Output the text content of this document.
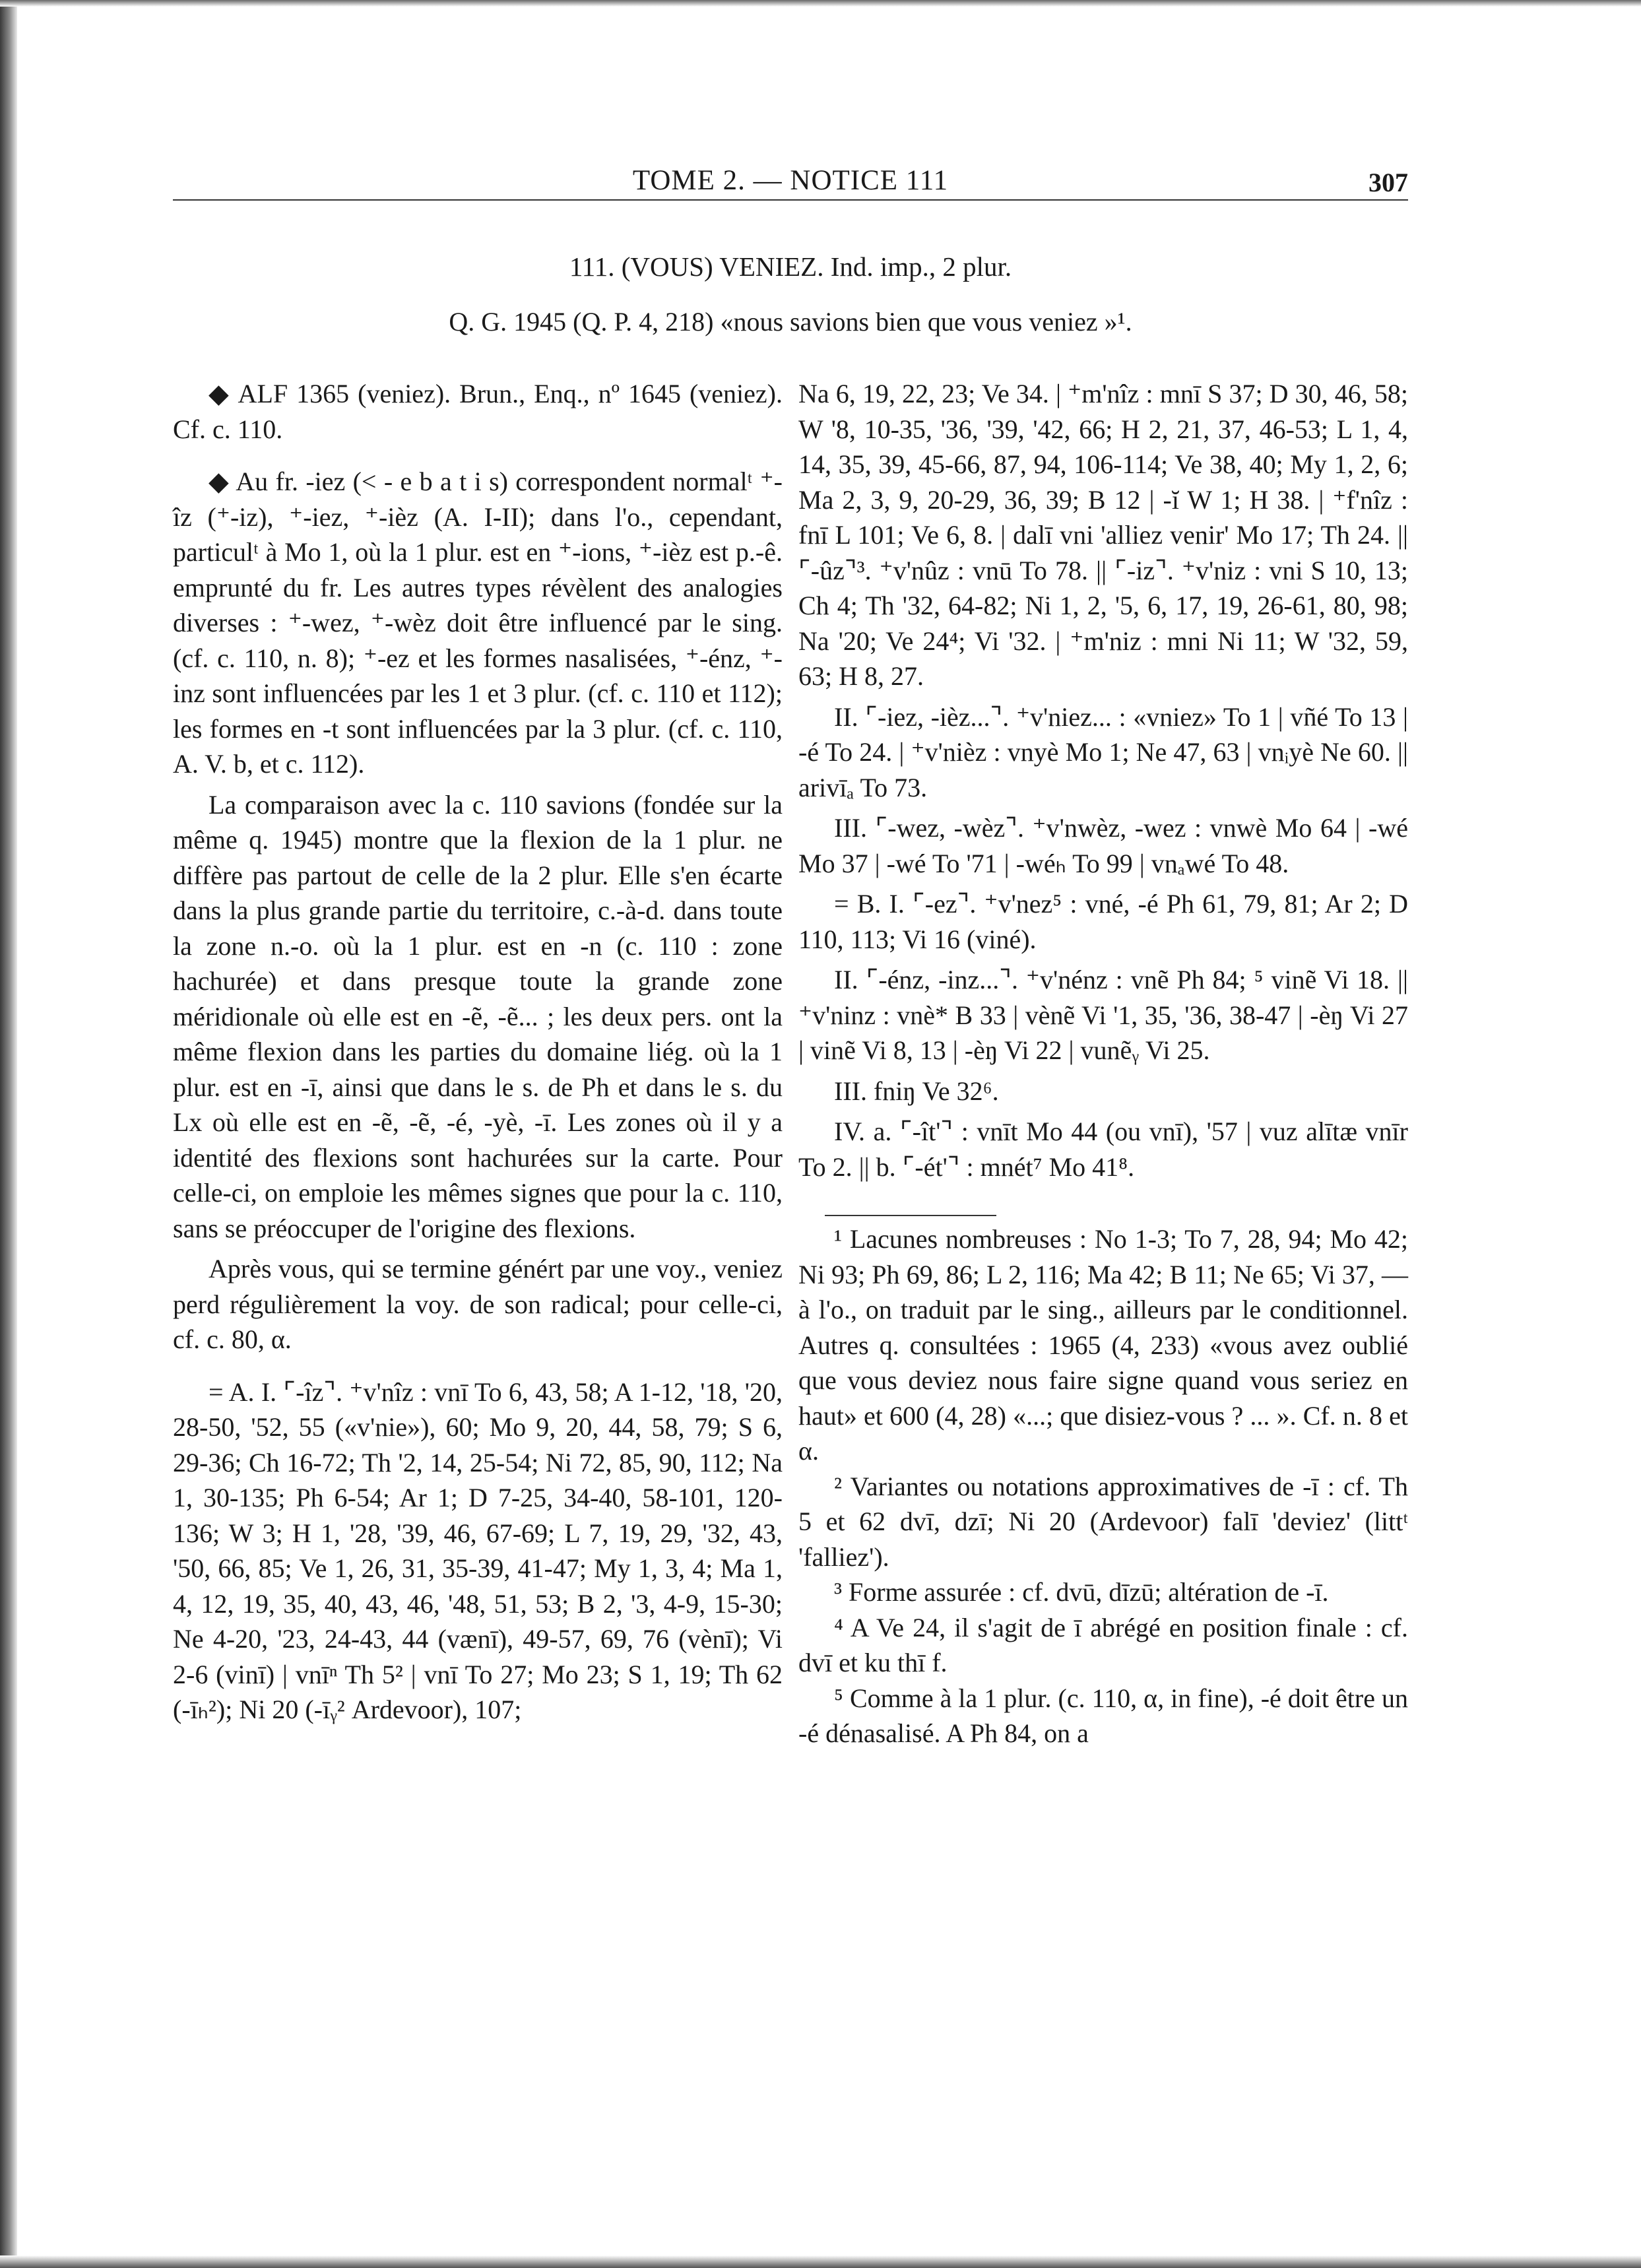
TOME 2. — NOTICE 111	307
111. (VOUS) VENIEZ. Ind. imp., 2 plur.
Q. G. 1945 (Q. P. 4, 218) «nous savions bien que vous veniez »¹.

◆ ALF 1365 (veniez). Brun., Enq., nº 1645 (veniez). Cf. c. 110.

◆ Au fr. -iez (< - e b a t i s) correspondent normalᵗ ⁺-îz (⁺-iz), ⁺-iez, ⁺-ièz (A. I-II); dans l'o., cependant, particulᵗ à Mo 1, où la 1 plur. est en ⁺-ions, ⁺-ièz est p.-ê. emprunté du fr. Les autres types révèlent des analogies diverses : ⁺-wez, ⁺-wèz doit être influencé par le sing. (cf. c. 110, n. 8); ⁺-ez et les formes nasalisées, ⁺-énz, ⁺-inz sont influencées par les 1 et 3 plur. (cf. c. 110 et 112); les formes en -t sont influencées par la 3 plur. (cf. c. 110, A. V. b, et c. 112).

La comparaison avec la c. 110 savions (fondée sur la même q. 1945) montre que la flexion de la 1 plur. ne diffère pas partout de celle de la 2 plur. Elle s'en écarte dans la plus grande partie du territoire, c.-à-d. dans toute la zone n.-o. où la 1 plur. est en -n (c. 110 : zone hachurée) et dans presque toute la grande zone méridionale où elle est en -ẽ, -ẽ... ; les deux pers. ont la même flexion dans les parties du domaine liég. où la 1 plur. est en -ī, ainsi que dans le s. de Ph et dans le s. du Lx où elle est en -ẽ, -ẽ, -é, -yè, -ī. Les zones où il y a identité des flexions sont hachurées sur la carte. Pour celle-ci, on emploie les mêmes signes que pour la c. 110, sans se préoccuper de l'origine des flexions.

Après vous, qui se termine génért par une voy., veniez perd régulièrement la voy. de son radical; pour celle-ci, cf. c. 80, α.

= A. I. ⌜-îz⌝. ⁺v'nîz : vnī To 6, 43, 58; A 1-12, '18, '20, 28-50, '52, 55 («v'nie»), 60; Mo 9, 20, 44, 58, 79; S 6, 29-36; Ch 16-72; Th '2, 14, 25-54; Ni 72, 85, 90, 112; Na 1, 30-135; Ph 6-54; Ar 1; D 7-25, 34-40, 58-101, 120-136; W 3; H 1, '28, '39, 46, 67-69; L 7, 19, 29, '32, 43, '50, 66, 85; Ve 1, 26, 31, 35-39, 41-47; My 1, 3, 4; Ma 1, 4, 12, 19, 35, 40, 43, 46, '48, 51, 53; B 2, '3, 4-9, 15-30; Ne 4-20, '23, 24-43, 44 (vænī), 49-57, 69, 76 (vènī); Vi 2-6 (vinī) | vnīⁿ Th 5² | vnī To 27; Mo 23; S 1, 19; Th 62 (-īₕ²); Ni 20 (-īᵧ² Ardevoor), 107;

Na 6, 19, 22, 23; Ve 34. | ⁺m'nîz : mnī S 37; D 30, 46, 58; W '8, 10-35, '36, '39, '42, 66; H 2, 21, 37, 46-53; L 1, 4, 14, 35, 39, 45-66, 87, 94, 106-114; Ve 38, 40; My 1, 2, 6; Ma 2, 3, 9, 20-29, 36, 39; B 12 | -ĭ W 1; H 38. | ⁺f'nîz : fnī L 101; Ve 6, 8. | dalī vni 'alliez venir' Mo 17; Th 24. || ⌜-ûz⌝³. ⁺v'nûz : vnū To 78. || ⌜-iz⌝. ⁺v'niz : vni S 10, 13; Ch 4; Th '32, 64-82; Ni 1, 2, '5, 6, 17, 19, 26-61, 80, 98; Na '20; Ve 24⁴; Vi '32. | ⁺m'niz : mni Ni 11; W '32, 59, 63; H 8, 27.

II. ⌜-iez, -ièz...⌝. ⁺v'niez... : «vniez» To 1 | vñé To 13 | -é To 24. | ⁺v'nièz : vnyè Mo 1; Ne 47, 63 | vnᵢyè Ne 60. || arivīₐ To 73.

III. ⌜-wez, -wèz⌝. ⁺v'nwèz, -wez : vnwè Mo 64 | -wé Mo 37 | -wé To '71 | -wéₕ To 99 | vnₐwé To 48.

= B. I. ⌜-ez⌝. ⁺v'nez⁵ : vné, -é Ph 61, 79, 81; Ar 2; D 110, 113; Vi 16 (viné).

II. ⌜-énz, -inz...⌝. ⁺v'nénz : vnẽ Ph 84; ⁵ vinẽ Vi 18. || ⁺v'ninz : vnè* B 33 | vènẽ Vi '1, 35, '36, 38-47 | -èŋ Vi 27 | vinẽ Vi 8, 13 | -èŋ Vi 22 | vunẽᵧ Vi 25.

III. fniŋ Ve 32⁶.

IV. a. ⌜-ît'⌝ : vnīt Mo 44 (ou vnī), '57 | vuz alītæ vnīr To 2. || b. ⌜-ét'⌝ : mnét⁷ Mo 41⁸.

¹ Lacunes nombreuses : No 1-3; To 7, 28, 94; Mo 42; Ni 93; Ph 69, 86; L 2, 116; Ma 42; B 11; Ne 65; Vi 37, — à l'o., on traduit par le sing., ailleurs par le conditionnel. Autres q. consultées : 1965 (4, 233) «vous avez oublié que vous deviez nous faire signe quand vous seriez en haut» et 600 (4, 28) «...; que disiez-vous ? ... ». Cf. n. 8 et α.

² Variantes ou notations approximatives de -ī : cf. Th 5 et 62 dvī, dzī; Ni 20 (Ardevoor) falī 'deviez' (littᵗ 'falliez').

³ Forme assurée : cf. dvū, dīzū; altération de -ī.

⁴ A Ve 24, il s'agit de ī abrégé en position finale : cf. dvī et ku thī f.

⁵ Comme à la 1 plur. (c. 110, α, in fine), -é doit être un -é dénasalisé. A Ph 84, on a
